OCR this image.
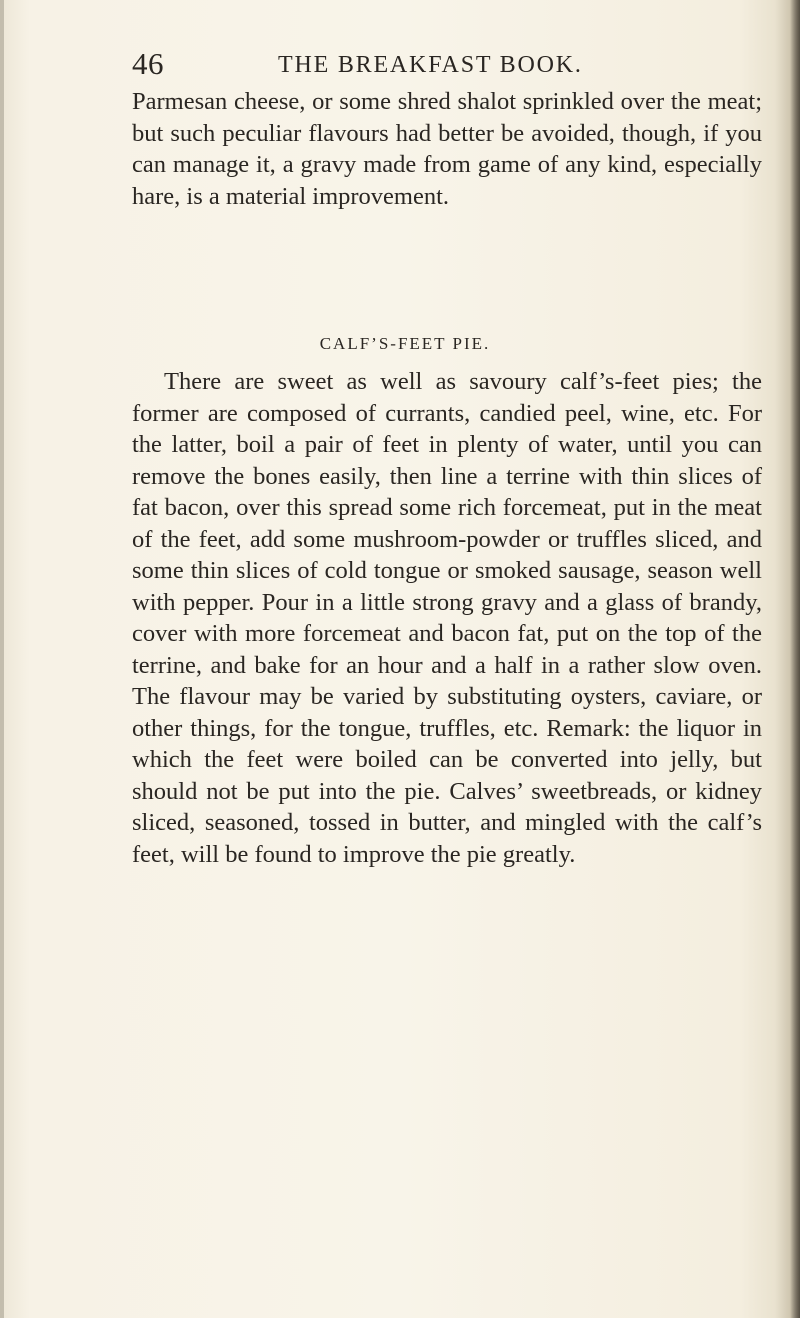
46	THE BREAKFAST BOOK.

Parmesan cheese, or some shred shalot sprinkled over the meat; but such peculiar flavours had better be avoided, though, if you can manage it, a gravy made from game of any kind, especially hare, is a material improvement.

CALF’S-FEET PIE.

There are sweet as well as savoury calf’s-feet pies; the former are composed of currants, candied peel, wine, etc. For the latter, boil a pair of feet in plenty of water, until you can remove the bones easily, then line a terrine with thin slices of fat bacon, over this spread some rich forcemeat, put in the meat of the feet, add some mushroom-powder or truffles sliced, and some thin slices of cold tongue or smoked sausage, season well with pepper. Pour in a little strong gravy and a glass of brandy, cover with more forcemeat and bacon fat, put on the top of the terrine, and bake for an hour and a half in a rather slow oven. The flavour may be varied by substituting oysters, caviare, or other things, for the tongue, truffles, etc. Remark: the liquor in which the feet were boiled can be converted into jelly, but should not be put into the pie. Calves’ sweetbreads, or kidney sliced, seasoned, tossed in butter, and mingled with the calf’s feet, will be found to improve the pie greatly.
